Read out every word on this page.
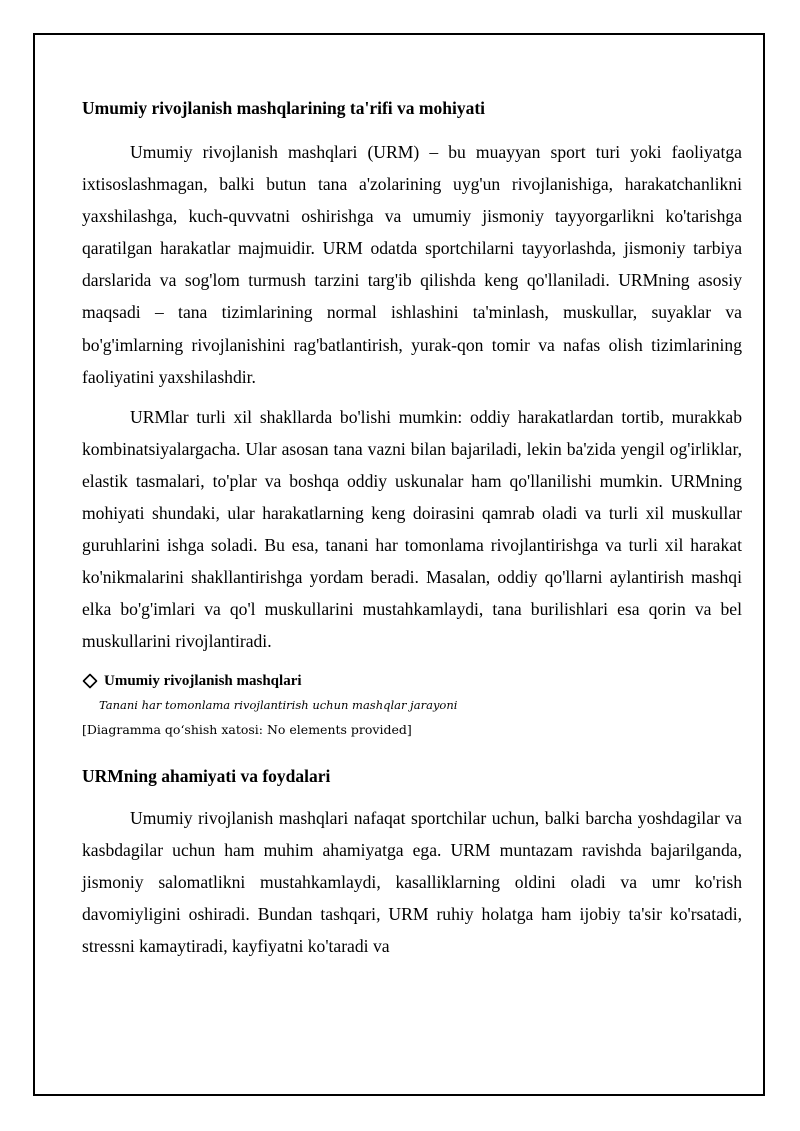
Umumiy rivojlanish mashqlarining ta'rifi va mohiyati

Umumiy rivojlanish mashqlari (URM) – bu muayyan sport turi yoki faoliyatga ixtisoslashmagan, balki butun tana a'zolarining uyg'un rivojlanishiga, harakatchanlikni yaxshilashga, kuch-quvvatni oshirishga va umumiy jismoniy tayyorgarlikni ko'tarishga qaratilgan harakatlar majmuidir. URM odatda sportchilarni tayyorlashda, jismoniy tarbiya darslarida va sog'lom turmush tarzini targ'ib qilishda keng qo'llaniladi. URMning asosiy maqsadi – tana tizimlarining normal ishlashini ta'minlash, muskullar, suyaklar va bo'g'imlarning rivojlanishini rag'batlantirish, yurak-qon tomir va nafas olish tizimlarining faoliyatini yaxshilashdir.

URMlar turli xil shakllarda bo'lishi mumkin: oddiy harakatlardan tortib, murakkab kombinatsiyalargacha. Ular asosan tana vazni bilan bajariladi, lekin ba'zida yengil og'irliklar, elastik tasmalari, to'plar va boshqa oddiy uskunalar ham qo'llanilishi mumkin. URMning mohiyati shundaki, ular harakatlarning keng doirasini qamrab oladi va turli xil muskullar guruhlarini ishga soladi. Bu esa, tanani har tomonlama rivojlantirishga va turli xil harakat ko'nikmalarini shakllantirishga yordam beradi. Masalan, oddiy qo'llarni aylantirish mashqi elka bo'g'imlari va qo'l muskullarini mustahkamlaydi, tana burilishlari esa qorin va bel muskullarini rivojlantiradi.

Umumiy rivojlanish mashqlari
Tanani har tomonlama rivojlantirish uchun mashqlar jarayoni
[Diagramma qo‘shish xatosi: No elements provided]
URMning ahamiyati va foydalari

Umumiy rivojlanish mashqlari nafaqat sportchilar uchun, balki barcha yoshdagilar va kasbdagilar uchun ham muhim ahamiyatga ega. URM muntazam ravishda bajarilganda, jismoniy salomatlikni mustahkamlaydi, kasalliklarning oldini oladi va umr ko'rish davomiyligini oshiradi. Bundan tashqari, URM ruhiy holatga ham ijobiy ta'sir ko'rsatadi, stressni kamaytiradi, kayfiyatni ko'taradi va
